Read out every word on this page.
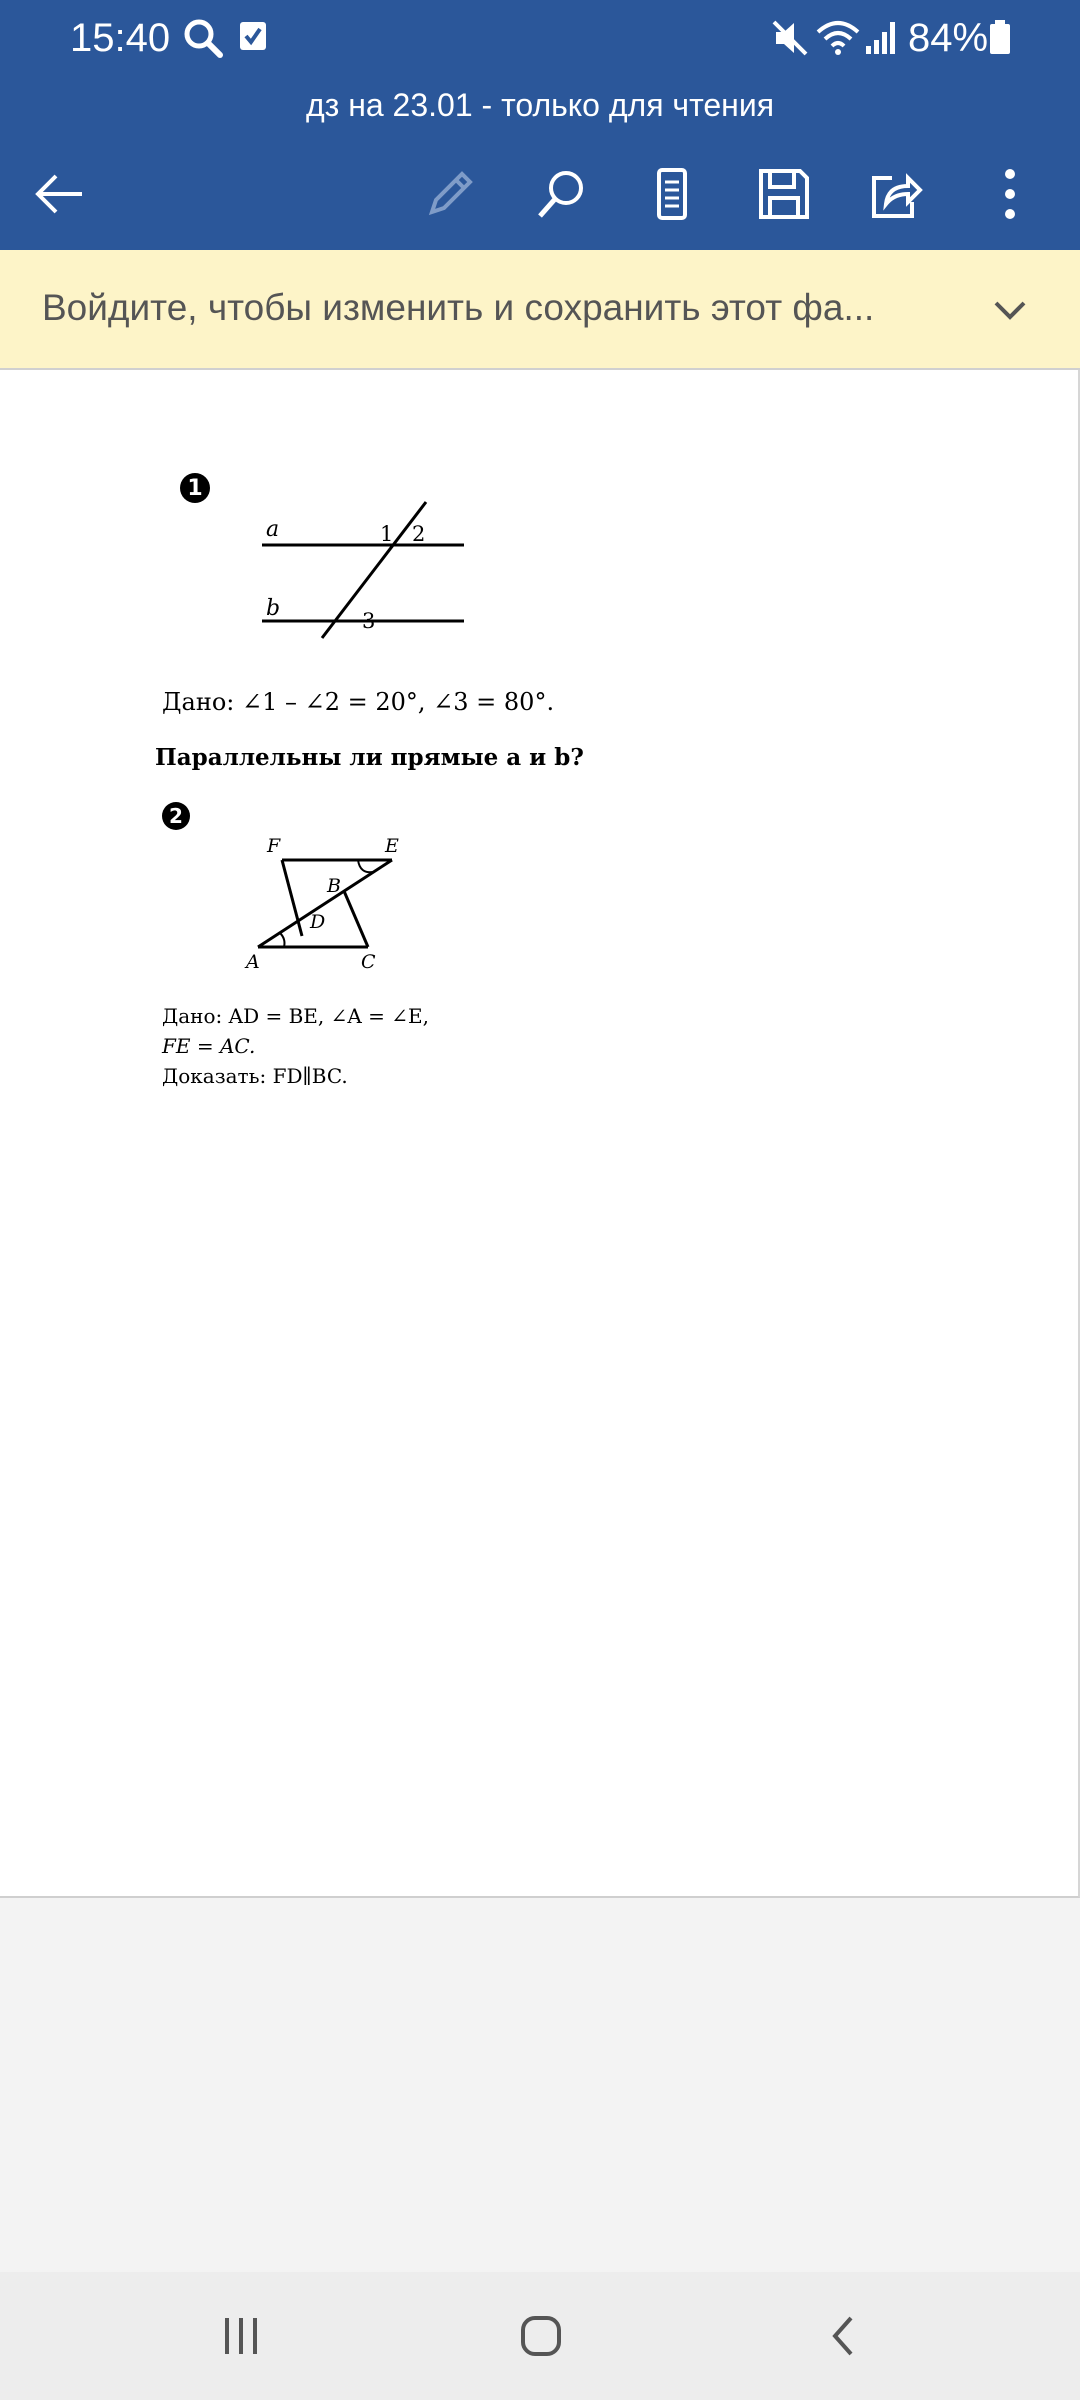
15:40	84%
дз на 23.01 - только для чтения
Войдите, чтобы изменить и сохранить этот фа...
1
a
b
1 2
3
Дано: ∠1 – ∠2 = 20°, ∠3 = 80°.
Параллельны ли прямые a и b?
2
F	E
B
D
A	C
Дано: AD = BE, ∠A = ∠E,
FE = AC.
Доказать: FD∥BC.
